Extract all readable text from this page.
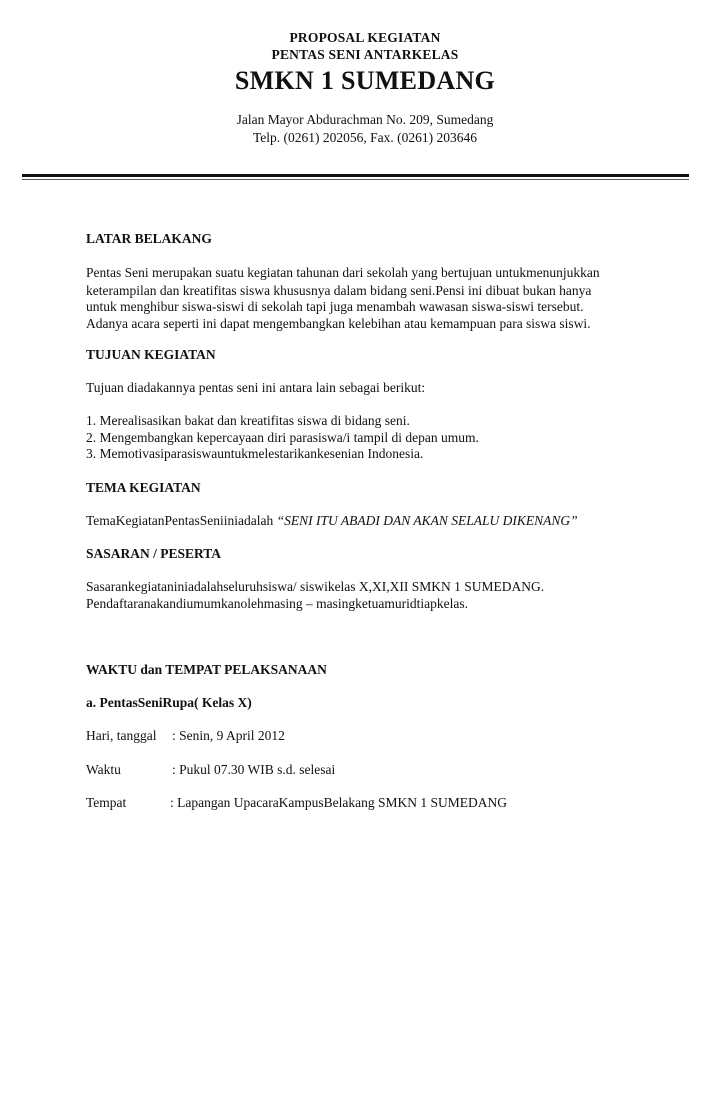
PROPOSAL KEGIATAN
PENTAS SENI ANTARKELAS
SMKN 1 SUMEDANG
Jalan Mayor Abdurachman No. 209, Sumedang
Telp. (0261) 202056, Fax. (0261) 203646
LATAR BELAKANG
Pentas Seni merupakan suatu kegiatan tahunan dari sekolah yang bertujuan untukmenunjukkan
keterampilan dan kreatifitas siswa khususnya dalam bidang seni.Pensi ini dibuat bukan hanya
untuk menghibur siswa-siswi di sekolah tapi juga menambah wawasan siswa-siswi tersebut.
Adanya acara seperti ini dapat mengembangkan kelebihan atau kemampuan para siswa siswi.
TUJUAN KEGIATAN
Tujuan diadakannya pentas seni ini antara lain sebagai berikut:
1. Merealisasikan bakat dan kreatifitas siswa di bidang seni.
2. Mengembangkan kepercayaan diri parasiswa/i tampil di depan umum.
3. Memotivasiparasiswauntukmelestarikankesenian Indonesia.
TEMA KEGIATAN
TemaKegiatanPentasSeniiniadalah “SENI ITU ABADI DAN AKAN SELALU DIKENANG”
SASARAN / PESERTA
Sasarankegiataniniadalahseluruhsiswa/ siswikelas X,XI,XII SMKN 1 SUMEDANG.
Pendaftaranakandiumumkanolehmasing – masingketuamuridtiapkelas.
WAKTU dan TEMPAT PELAKSANAAN
a. PentasSeniRupa( Kelas X)
Hari, tanggal : Senin, 9 April 2012
Waktu	: Pukul 07.30 WIB s.d. selesai
Tempat	: Lapangan UpacaraKampusBelakang SMKN 1 SUMEDANG
